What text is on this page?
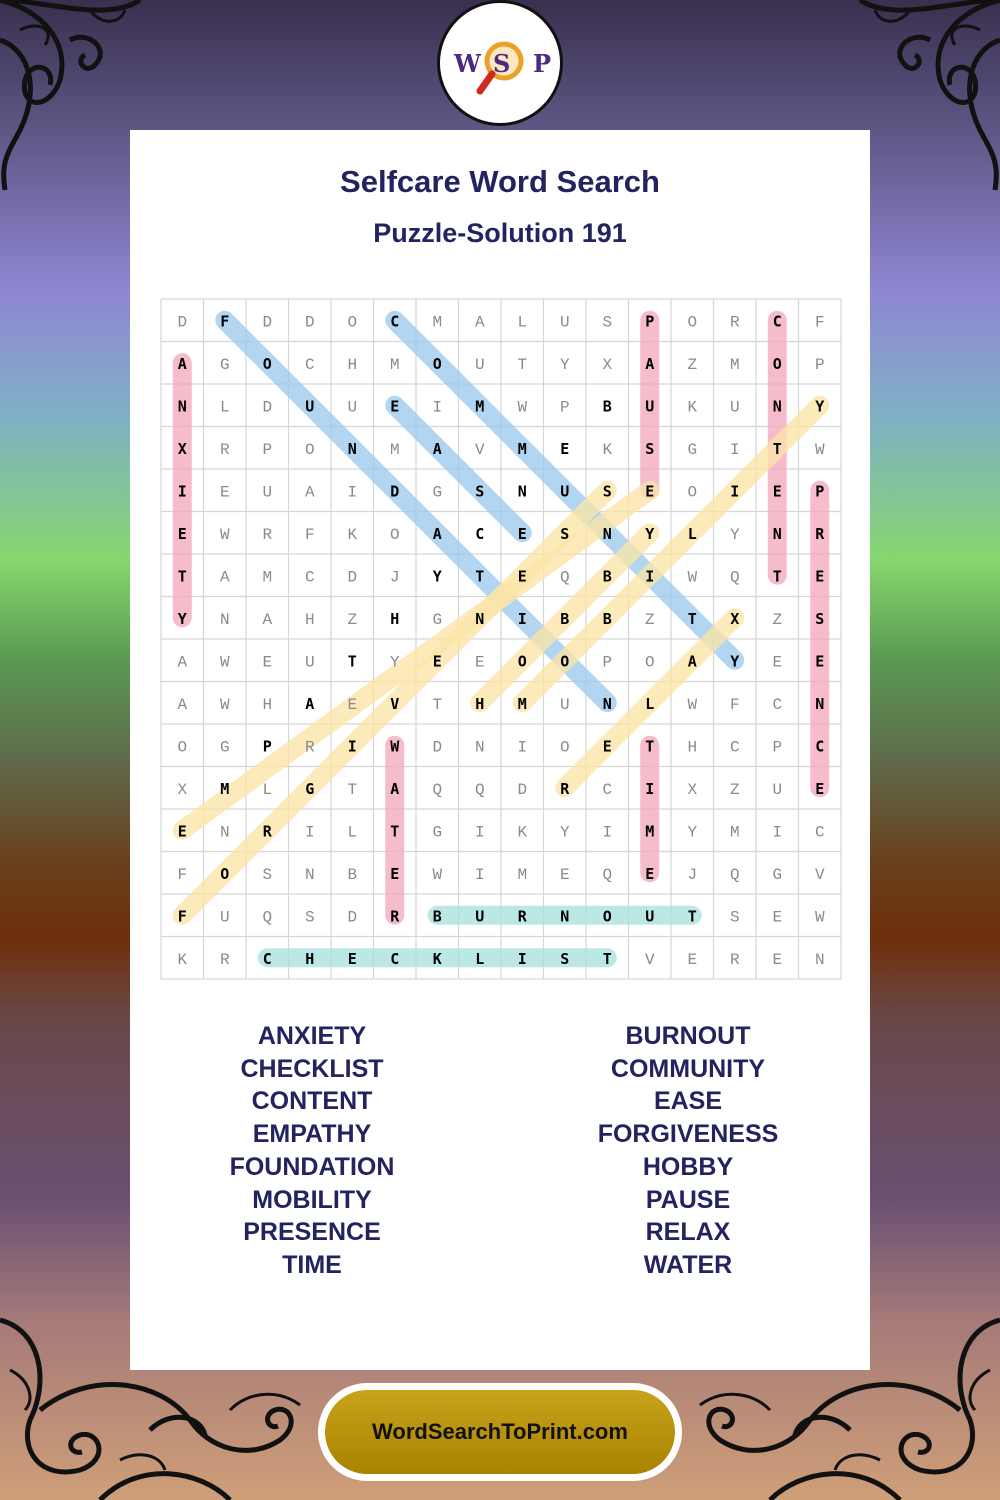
W S P
Selfcare Word Search
Puzzle-Solution 191
D F D D O C M A L U S P O R C F
A G O C H M O U T Y X A Z M O P
N L D U U E I M W P B U K U N Y
X R P O N M A V M E K S G I T W
I E U A I D G S N U S E O I E P
E W R F K O A C E S N Y L Y N R
T A M C D J Y T E Q B I W Q T E
Y N A H Z H G N I B B Z T X Z S
A W E U T Y E E O O P O A Y E E
A W H A E V T H M U N L W F C N
O G P R I W D N I O E T H C P C
X M L G T A Q Q D R C I X Z U E
E N R I L T G I K Y I M Y M I C
F O S N B E W I M E Q E J Q G V
F U Q S D R B U R N O U T S E W
K R C H E C K L I S T V E R E N
ANXIETY
CHECKLIST
CONTENT
EMPATHY
FOUNDATION
MOBILITY
PRESENCE
TIME
BURNOUT
COMMUNITY
EASE
FORGIVENESS
HOBBY
PAUSE
RELAX
WATER
WordSearchToPrint.com
